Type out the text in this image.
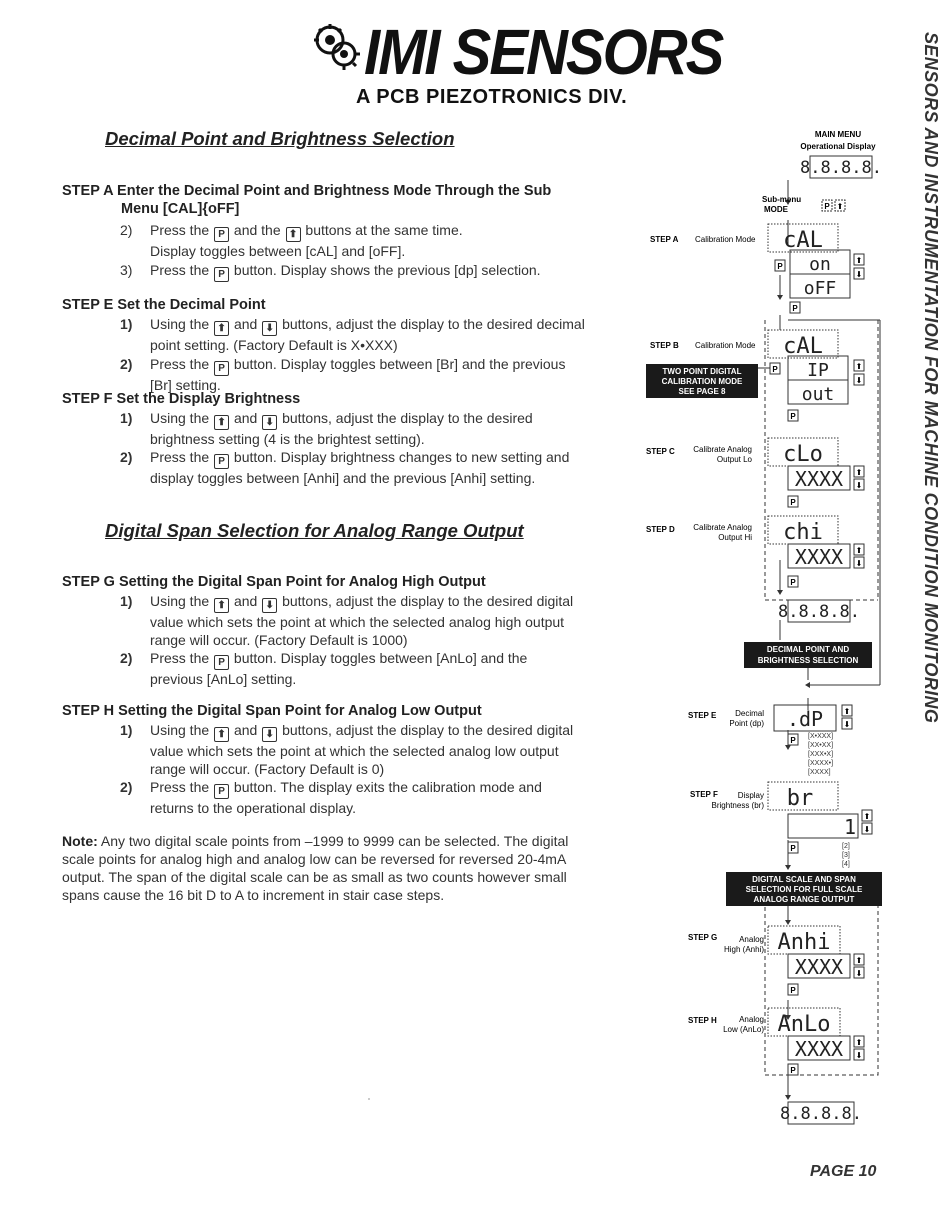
IMI SENSORS
A PCB PIEZOTRONICS DIV.	SENSORS AND INSTRUMENTATION FOR MACHINE CONDITION MONITORING
Decimal Point and Brightness Selection
STEP A Enter the Decimal Point and Brightness Mode Through the Sub
Menu [CAL]{oFF]
2) Press the P and the ⬆ buttons at the same time.
Display toggles between [cAL] and [oFF].
3) Press the P button. Display shows the previous [dp] selection.
STEP E Set the Decimal Point
1) Using the ⬆ and ⬇ buttons, adjust the display to the desired decimal
point setting. (Factory Default is X•XXX)
2) Press the P button. Display toggles between [Br] and the previous
[Br] setting.
STEP F Set the Display Brightness
1) Using the ⬆ and ⬇ buttons, adjust the display to the desired
brightness setting (4 is the brightest setting).
2) Press the P button. Display brightness changes to new setting and
display toggles between [Anhi] and the previous [Anhi] setting.
Digital Span Selection for Analog Range Output
STEP G Setting the Digital Span Point for Analog High Output
1) Using the ⬆ and ⬇ buttons, adjust the display to the desired digital
value which sets the point at which the selected analog high output
range will occur. (Factory Default is 1000)
2) Press the P button. Display toggles between [AnLo] and the
previous [AnLo] setting.
STEP H Setting the Digital Span Point for Analog Low Output
1) Using the ⬆ and ⬇ buttons, adjust the display to the desired digital
value which sets the point at which the selected analog low output
range will occur. (Factory Default is 0)
2) Press the P button. The display exits the calibration mode and
returns to the operational display.
Note: Any two digital scale points from –1999 to 9999 can be selected. The digital
scale points for analog high and analog low can be reversed for reversed 20-4mA
output. The span of the digital scale can be as small as two counts however small
spans cause the 16 bit D to A to increment in stair case steps.
MAIN MENU
Operational Display
8.8.8.8.
Sub-menu
MODE	P ⬆
STEP A Calibration Mode cAL
P on
oFF
⬆
⬇
P
STEP B Calibration Mode cAL
TWO POINT DIGITAL
CALIBRATION MODE
SEE PAGE 8
P IP
out
⬆
⬇
P
STEP C Calibrate Analog
Output Lo cLo
XXXX ⬆
⬇
P
STEP D Calibrate Analog
Output Hi chi
XXXX ⬆
⬇
P
8.8.8.8.
DECIMAL POINT AND
BRIGHTNESS SELECTION
STEP E Decimal
Point (dp) .dP	⬆
⬇
P [X•XXX]
[XX•XX]
[XXX•X]
[XXXX•]
[XXXX]
STEP F Display
Brightness (br) br
1 ⬆
⬇
P	[2]
[3]
[4]
DIGITAL SCALE AND SPAN
SELECTION FOR FULL SCALE
ANALOG RANGE OUTPUT
STEP G	Analog
High (Anhi) Anhi
XXXX ⬆
⬇
P
STEP H	Analog
Low (AnLo) AnLo
XXXX ⬆
⬇
P
8.8.8.8.
PAGE 10
